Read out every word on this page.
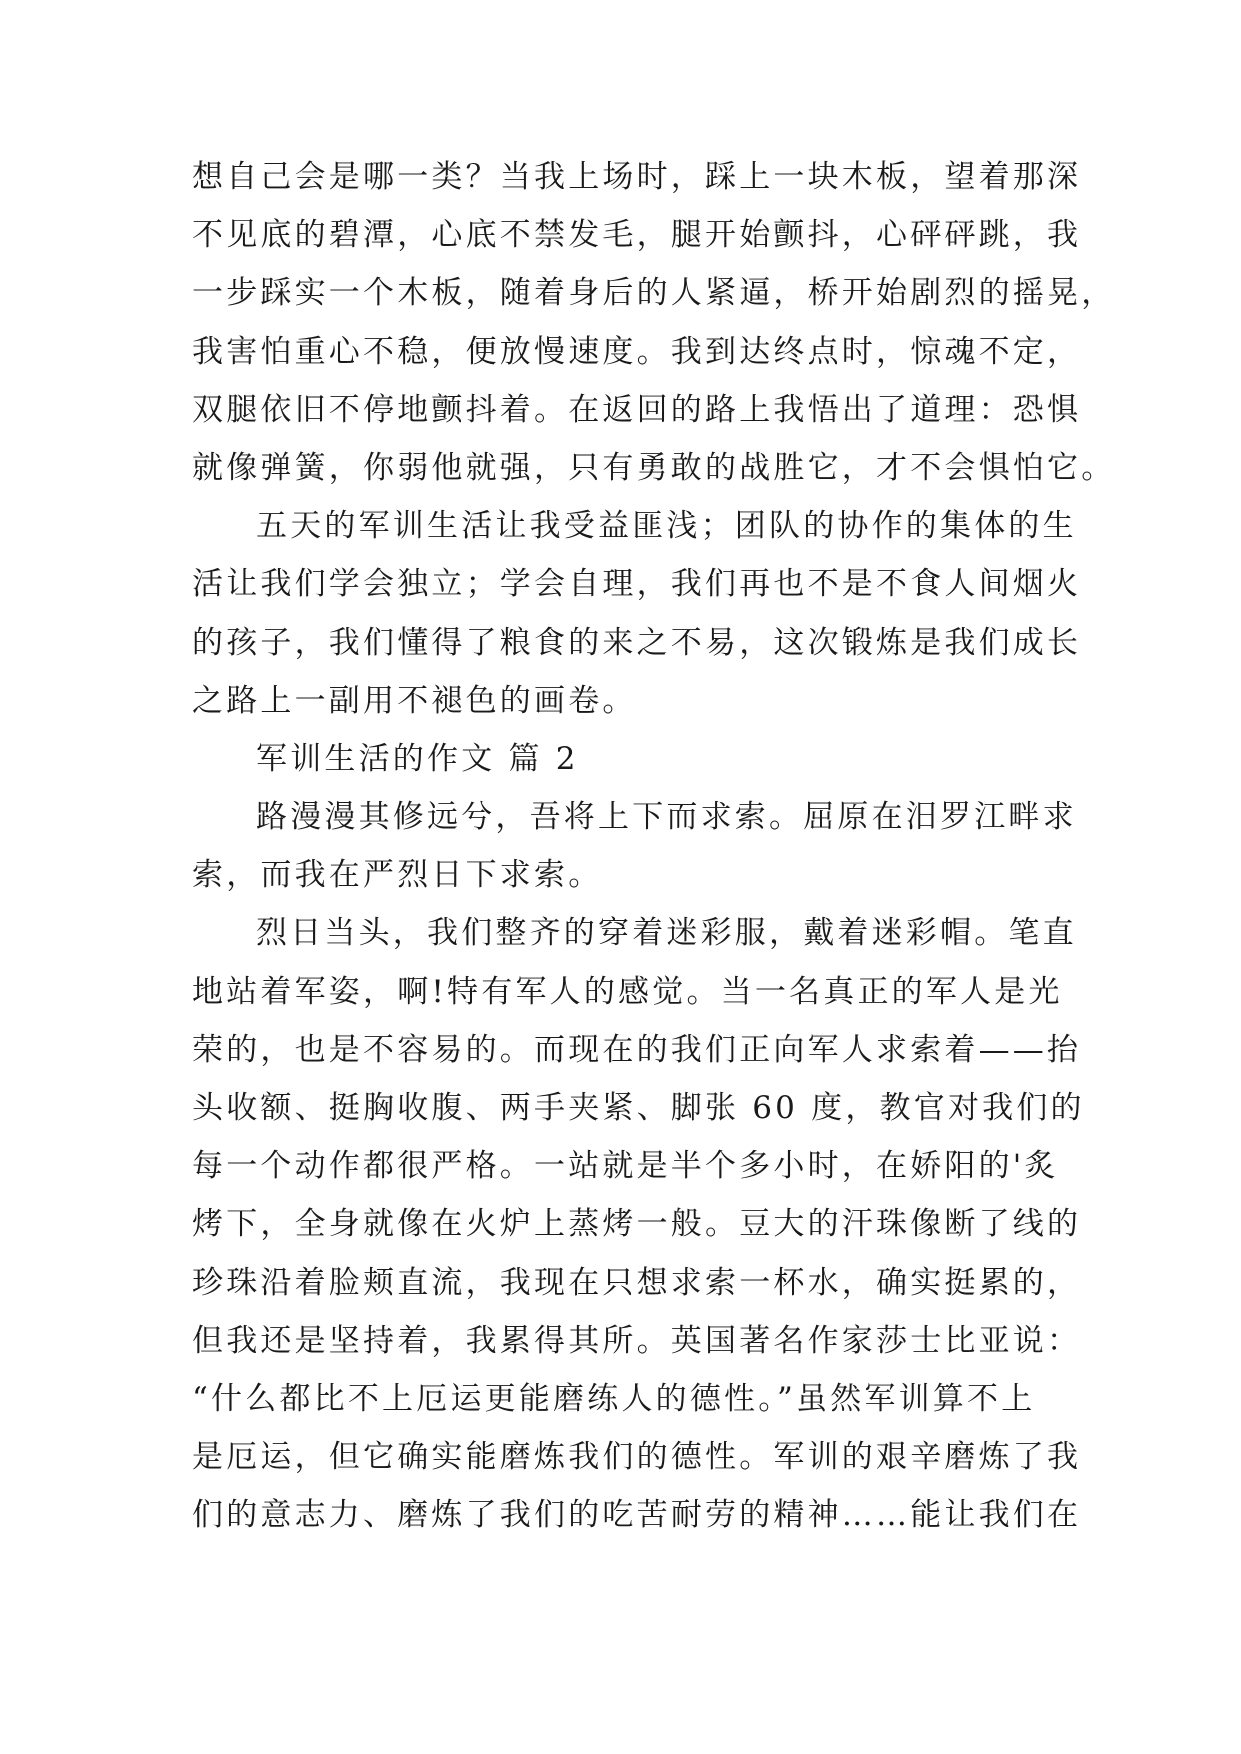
想自己会是哪一类？当我上场时，踩上一块木板，望着那深
不见底的碧潭，心底不禁发毛，腿开始颤抖，心砰砰跳，我
一步踩实一个木板，随着身后的人紧逼，桥开始剧烈的摇晃，
我害怕重心不稳，便放慢速度。我到达终点时，惊魂不定，
双腿依旧不停地颤抖着。在返回的路上我悟出了道理：恐惧
就像弹簧，你弱他就强，只有勇敢的战胜它，才不会惧怕它。
五天的军训生活让我受益匪浅；团队的协作的集体的生
活让我们学会独立；学会自理，我们再也不是不食人间烟火
的孩子，我们懂得了粮食的来之不易，这次锻炼是我们成长
之路上一副用不褪色的画卷。
军训生活的作文 篇 2
路漫漫其修远兮，吾将上下而求索。屈原在汨罗江畔求
索，而我在严烈日下求索。
烈日当头，我们整齐的穿着迷彩服，戴着迷彩帽。笔直
地站着军姿，啊!特有军人的感觉。当一名真正的军人是光
荣的，也是不容易的。而现在的我们正向军人求索着——抬
头收额、挺胸收腹、两手夹紧、脚张 60 度，教官对我们的
每一个动作都很严格。一站就是半个多小时，在娇阳的'炙
烤下，全身就像在火炉上蒸烤一般。豆大的汗珠像断了线的
珍珠沿着脸颊直流，我现在只想求索一杯水，确实挺累的，
但我还是坚持着，我累得其所。英国著名作家莎士比亚说：
“什么都比不上厄运更能磨练人的德性。”虽然军训算不上
是厄运，但它确实能磨炼我们的德性。军训的艰辛磨炼了我
们的意志力、磨炼了我们的吃苦耐劳的精神……能让我们在
